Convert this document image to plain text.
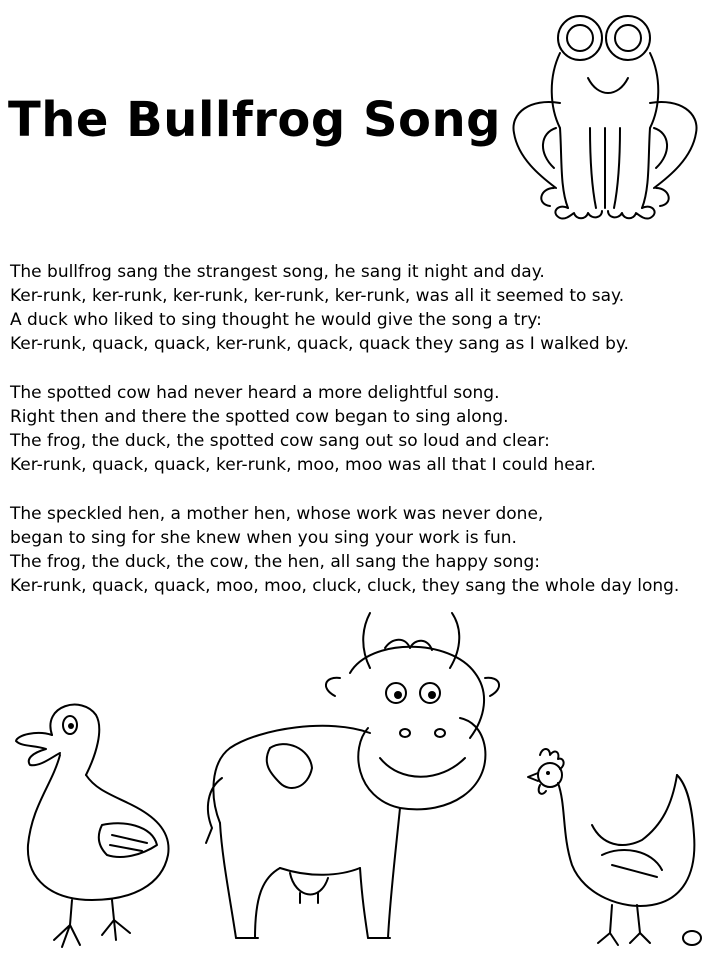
The Bullfrog Song
The bullfrog sang the strangest song, he sang it night and day.
Ker-runk, ker-runk, ker-runk, ker-runk, ker-runk, was all it seemed to say.
A duck who liked to sing thought he would give the song a try:
Ker-runk, quack, quack, ker-runk, quack, quack they sang as I walked by.
The spotted cow had never heard a more delightful song.
Right then and there the spotted cow began to sing along.
The frog, the duck, the spotted cow sang out so loud and clear:
Ker-runk, quack, quack, ker-runk, moo, moo was all that I could hear.
The speckled hen, a mother hen, whose work was never done,
began to sing for she knew when you sing your work is fun.
The frog, the duck, the cow, the hen, all sang the happy song:
Ker-runk, quack, quack, moo, moo, cluck, cluck, they sang the whole day long.
